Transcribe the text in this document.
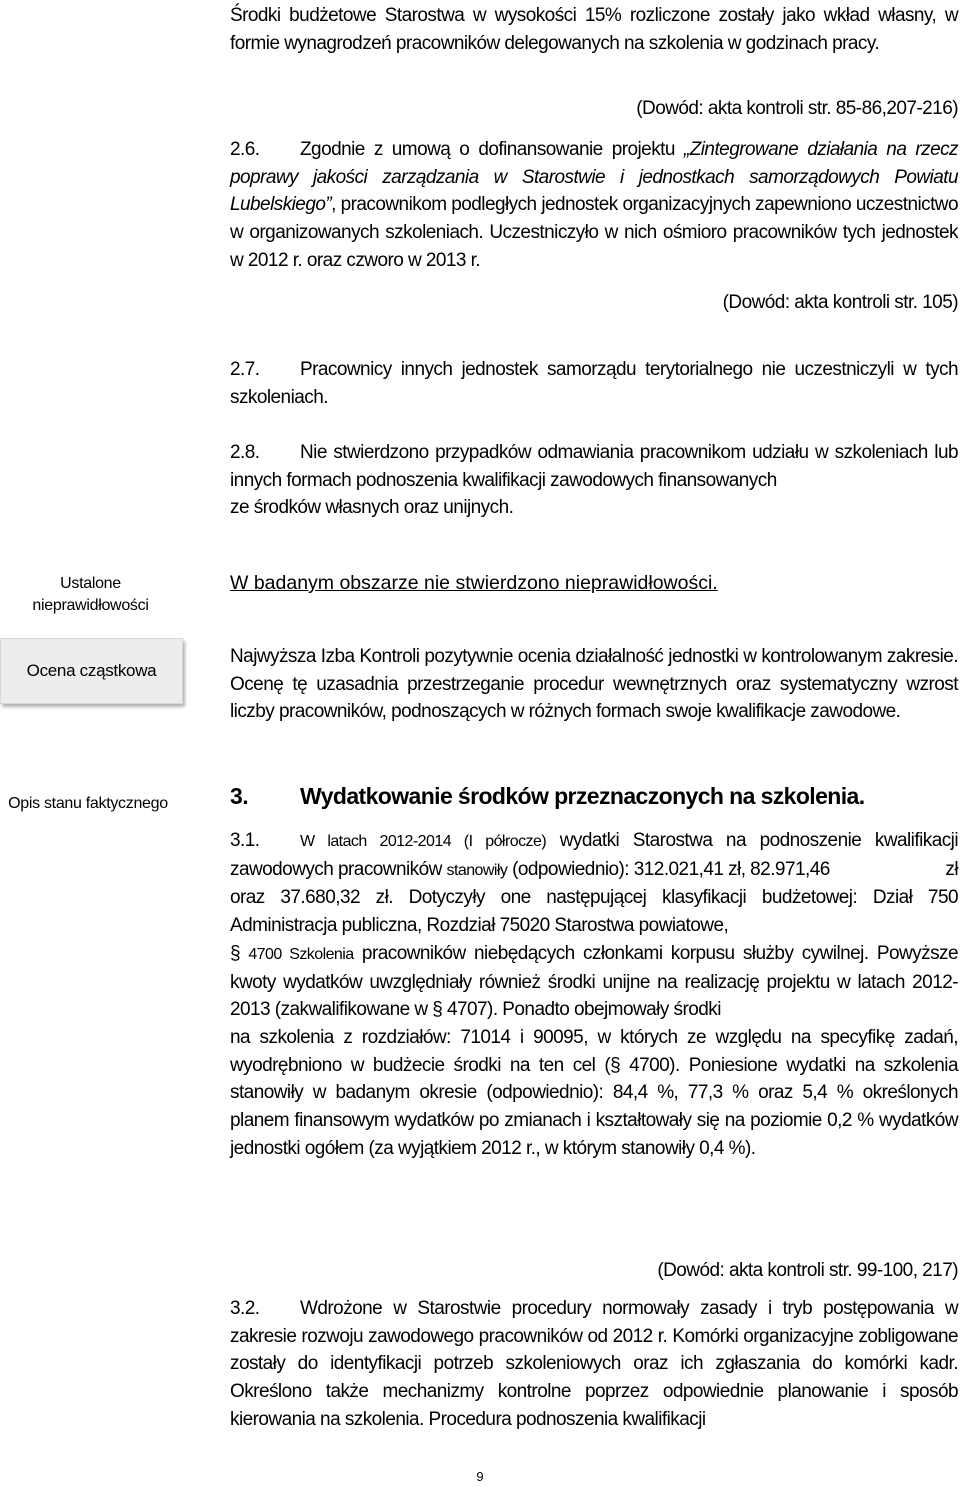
Środki budżetowe Starostwa w wysokości 15% rozliczone zostały jako wkład własny, w formie wynagrodzeń pracowników delegowanych na szkolenia w godzinach pracy.
(Dowód: akta kontroli str. 85-86,207-216)
2.6. Zgodnie z umową o dofinansowanie projektu „Zintegrowane działania na rzecz poprawy jakości zarządzania w Starostwie i jednostkach samorządowych Powiatu Lubelskiego”, pracownikom podległych jednostek organizacyjnych zapewniono uczestnictwo w organizowanych szkoleniach. Uczestniczyło w nich ośmioro pracowników tych jednostek w 2012 r. oraz czworo w 2013 r.
(Dowód: akta kontroli str. 105)
2.7. Pracownicy innych jednostek samorządu terytorialnego nie uczestniczyli w tych szkoleniach.
2.8. Nie stwierdzono przypadków odmawiania pracownikom udziału w szkoleniach lub innych formach podnoszenia kwalifikacji zawodowych finansowanych
ze środków własnych oraz unijnych.
Ustalone nieprawidłowości
W badanym obszarze nie stwierdzono nieprawidłowości.
Ocena cząstkowa
Najwyższa Izba Kontroli pozytywnie ocenia działalność jednostki w kontrolowanym zakresie. Ocenę tę uzasadnia przestrzeganie procedur wewnętrznych oraz systematyczny wzrost liczby pracowników, podnoszących w różnych formach swoje kwalifikacje zawodowe.
Opis stanu faktycznego	3. Wydatkowanie środków przeznaczonych na szkolenia.
3.1.	W latach 2012-2014 (I półrocze) wydatki Starostwa na podnoszenie kwalifikacji zawodowych pracowników stanowiły (odpowiednio): 312.021,41 zł, 82.971,46	zł

oraz 37.680,32 zł. Dotyczyły one następującej klasyfikacji budżetowej: Dział 750 Administracja publiczna, Rozdział 75020 Starostwa powiatowe,
§ 4700 Szkolenia pracowników niebędących członkami korpusu służby cywilnej. Powyższe kwoty wydatków uwzględniały również środki unijne na realizację projektu w latach 2012-2013 (zakwalifikowane w § 4707). Ponadto obejmowały środki
na szkolenia z rozdziałów: 71014 i 90095, w których ze względu na specyfikę zadań, wyodrębniono w budżecie środki na ten cel (§ 4700). Poniesione wydatki na szkolenia stanowiły w badanym okresie (odpowiednio): 84,4 %, 77,3 % oraz 5,4 % określonych planem finansowym wydatków po zmianach i kształtowały się na poziomie 0,2 % wydatków jednostki ogółem (za wyjątkiem 2012 r., w którym stanowiły 0,4 %).
(Dowód: akta kontroli str. 99-100, 217)
3.2. Wdrożone w Starostwie procedury normowały zasady i tryb postępowania w zakresie rozwoju zawodowego pracowników od 2012 r. Komórki organizacyjne zobligowane zostały do identyfikacji potrzeb szkoleniowych oraz ich zgłaszania do komórki kadr. Określono także mechanizmy kontrolne poprzez odpowiednie planowanie i sposób kierowania na szkolenia. Procedura podnoszenia kwalifikacji
9
